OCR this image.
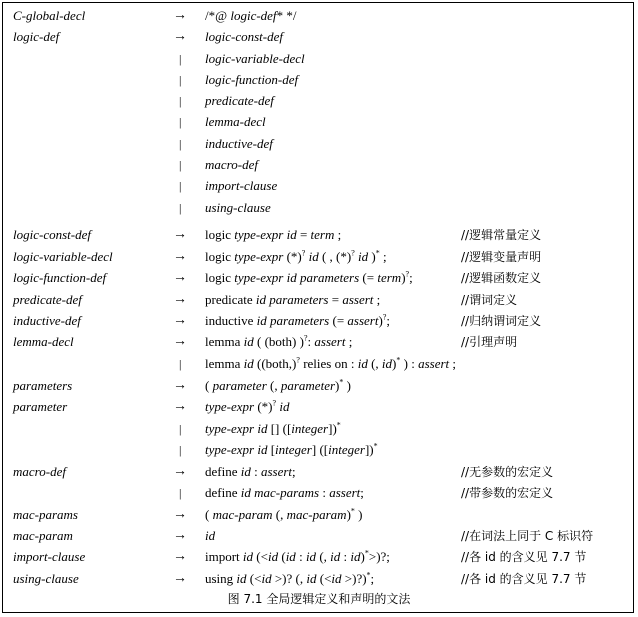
C-global-decl	→ /*@ logic-def* */
logic-def	→ logic-const-def
| logic-variable-decl
| logic-function-def
| predicate-def
| lemma-decl
| inductive-def
| macro-def
| import-clause
| using-clause
logic-const-def	→ logic type-expr id = term ;	//逻辑常量定义
logic-variable-decl	→ logic type-expr (*)? id ( , (*)? id )* ;	//逻辑变量声明
logic-function-def	→ logic type-expr id parameters (= term)?;	//逻辑函数定义
predicate-def	→ predicate id parameters = assert ;	//谓词定义
inductive-def	→ inductive id parameters (= assert)?;	//归纳谓词定义
lemma-decl	→ lemma id ( (both) )?: assert ;	//引理声明
| lemma id ((both,)? relies on : id (, id)* ) : assert ;
parameters	→ ( parameter (, parameter)* )
parameter	→ type-expr (*)? id
| type-expr id [] ([integer])*
| type-expr id [integer] ([integer])*
macro-def	→ define id : assert;	//无参数的宏定义
| define id mac-params : assert;	//带参数的宏定义
mac-params	→ ( mac-param (, mac-param)* )
mac-param	→ id	//在词法上同于 C 标识符
import-clause	→ import id (<id (id : id (, id : id)*>)?;	//各 id 的含义见 7.7 节
using-clause	→ using id (<id >)? (, id (<id >)?)*;	//各 id 的含义见 7.7 节
图 7.1 全局逻辑定义和声明的文法
